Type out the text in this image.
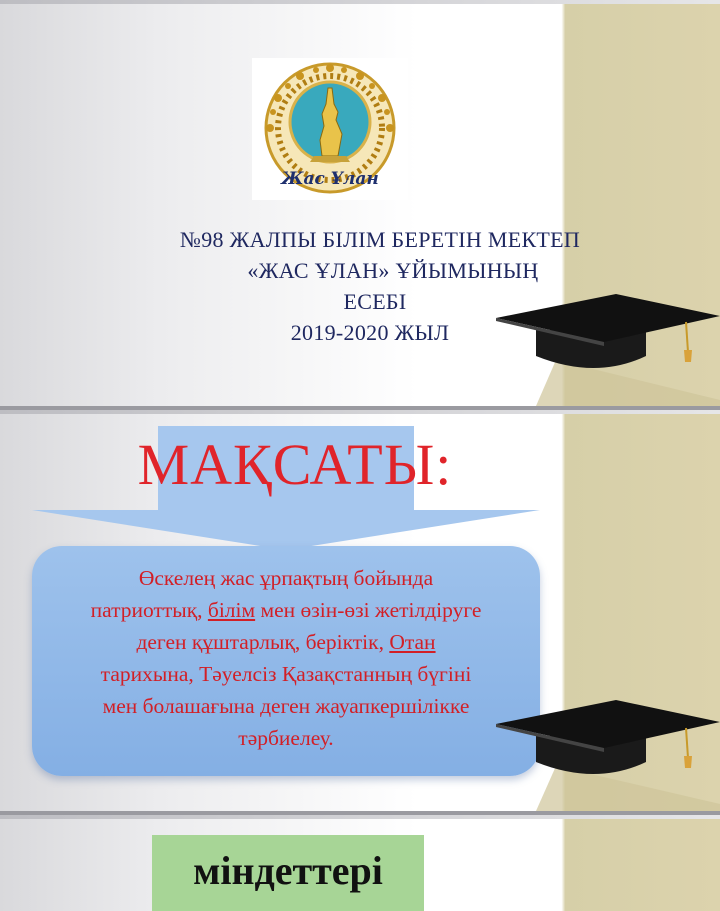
Жас Ұлан
№98 ЖАЛПЫ БІЛІМ БЕРЕТІН МЕКТЕП
«ЖАС ҰЛАН» ҰЙЫМЫНЫҢ
ЕСЕБІ
2019-2020 ЖЫЛ
МАҚСАТЫ:
Өскелең жас ұрпақтың бойында
патриоттық, білім мен өзін-өзі жетілдіруге
деген құштарлық, беріктік, Отан
тарихына, Тәуелсіз Қазақстанның бүгіні
мен болашағына деген жауапкершілікке
тәрбиелеу.
міндеттері
